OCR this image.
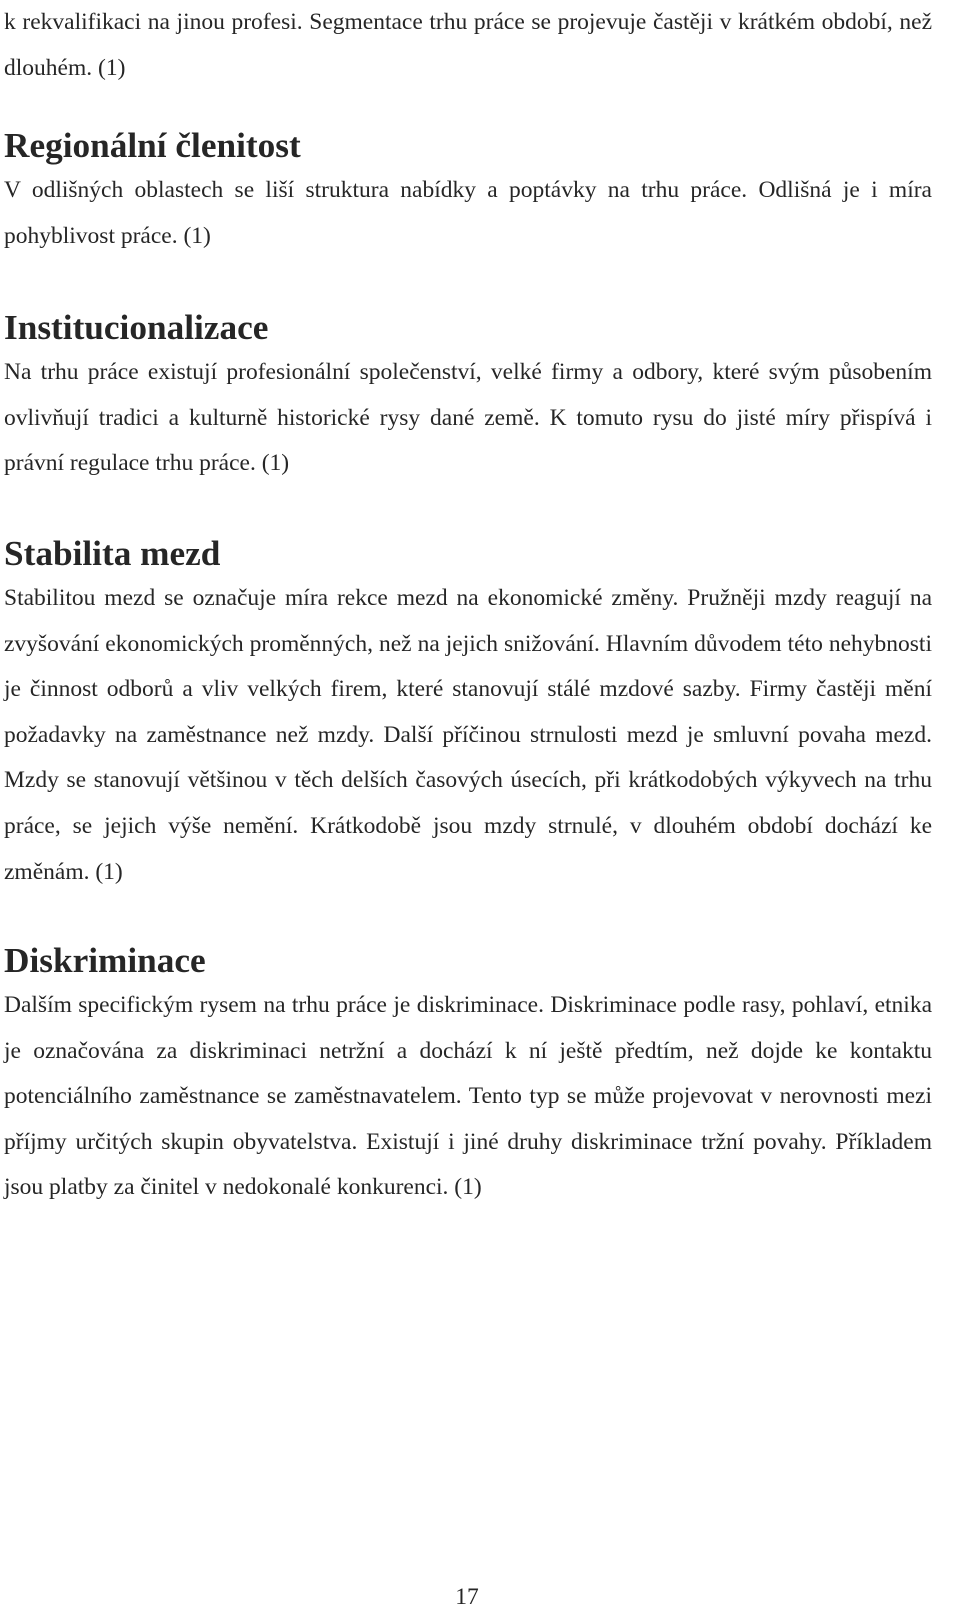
k rekvalifikaci na jinou profesi. Segmentace trhu práce se projevuje častěji v krátkém období, než dlouhém. (1)

Regionální členitost

V odlišných oblastech se liší struktura nabídky a poptávky na trhu práce. Odlišná je i míra pohyblivost práce. (1)

Institucionalizace

Na trhu práce existují profesionální společenství, velké firmy a odbory, které svým působením ovlivňují tradici a kulturně historické rysy dané země. K tomuto rysu do jisté míry přispívá i právní regulace trhu práce. (1)

Stabilita mezd

Stabilitou mezd se označuje míra rekce mezd na ekonomické změny. Pružněji mzdy reagují na zvyšování ekonomických proměnných, než na jejich snižování. Hlavním důvodem této nehybnosti je činnost odborů a vliv velkých firem, které stanovují stálé mzdové sazby. Firmy častěji mění požadavky na zaměstnance než mzdy. Další příčinou strnulosti mezd je smluvní povaha mezd. Mzdy se stanovují většinou v těch delších časových úsecích, při krátkodobých výkyvech na trhu práce, se jejich výše nemění. Krátkodobě jsou mzdy strnulé, v dlouhém období dochází ke změnám. (1)

Diskriminace

Dalším specifickým rysem na trhu práce je diskriminace. Diskriminace podle rasy, pohlaví, etnika je označována za diskriminaci netržní a dochází k ní ještě předtím, než dojde ke kontaktu potenciálního zaměstnance se zaměstnavatelem. Tento typ se může projevovat v nerovnosti mezi příjmy určitých skupin obyvatelstva. Existují i jiné druhy diskriminace tržní povahy. Příkladem jsou platby za činitel v nedokonalé konkurenci. (1)

17
